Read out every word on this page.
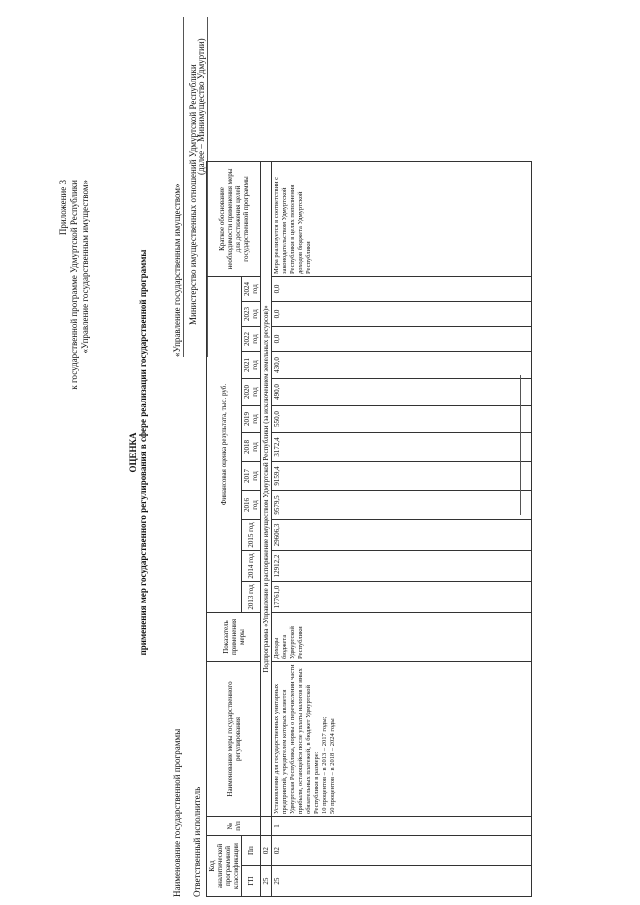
Приложение 3 к государственной программе Удмуртской Республики «Управление государственным имуществом»
ОЦЕНКА применения мер государственного регулирования в сфере реализации государственной программы
Наименование государственной программы
«Управление государственным имуществом»
Ответственный исполнитель
Министерство имущественных отношений Удмуртской Республики
(далее – Минимущество Удмуртии)
Код аналитической программной классификации		№ п/п	Наименование меры государственного регулирования	Показатель применения меры	Финансовая оценка результата, тыс. руб.												Краткое обоснование необходимости применения меры для достижения целей государственной программы
ГП	Пп				2013 год	2014 год	2015 год	2016 год	2017 год	2018 год	2019 год	2020 год	2021 год	2022 год	2023 год	2024 год	
25	02		Подпрограмма «Управление и распоряжение имуществом Удмуртской Республики (за исключением земельных ресурсов)»														
25	02	1	Установление для государственных унитарных предприятий, учредителем которых является Удмуртская Республика, нормы о перечислении части прибыли, остающейся после уплаты налогов и иных обязательных платежей, в бюджет Удмуртской Республики в размере: 10 процентов – в 2013 – 2017 годы; 50 процентов – в 2018 – 2024 годы	Доходы бюджета Удмуртской Республики	17761,0	12912,2	29606,3	9579,5	9159,4	3172,4	550,0	490,0	430,0	0,0	0,0	0,0	Мера реализуется в соответствии с законодательством Удмуртской Республики в целях пополнения доходов бюджета Удмуртской Республики
